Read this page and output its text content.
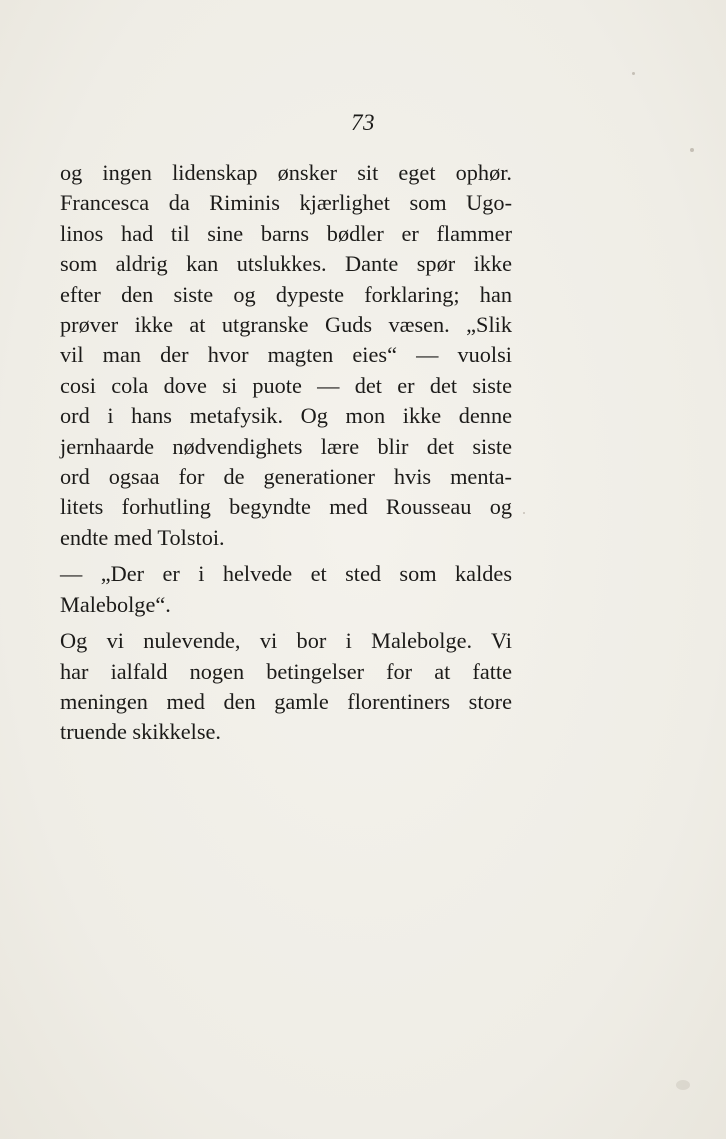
73
og ingen lidenskap ønsker sit eget ophør.
Francesca da Riminis kjærlighet som Ugo-
linos had til sine barns bødler er flammer
som aldrig kan utslukkes. Dante spør ikke
efter den siste og dypeste forklaring; han
prøver ikke at utgranske Guds væsen. „Slik
vil man der hvor magten eies“ — vuolsi
cosi cola dove si puote — det er det siste
ord i hans metafysik. Og mon ikke denne
jernhaarde nødvendighets lære blir det siste
ord ogsaa for de generationer hvis menta-
litets forhutling begyndte med Rousseau og
endte med Tolstoi.
— „Der er i helvede et sted som kaldes
Malebolge“.
Og vi nulevende, vi bor i Malebolge. Vi
har ialfald nogen betingelser for at fatte
meningen med den gamle florentiners store
truende skikkelse.
